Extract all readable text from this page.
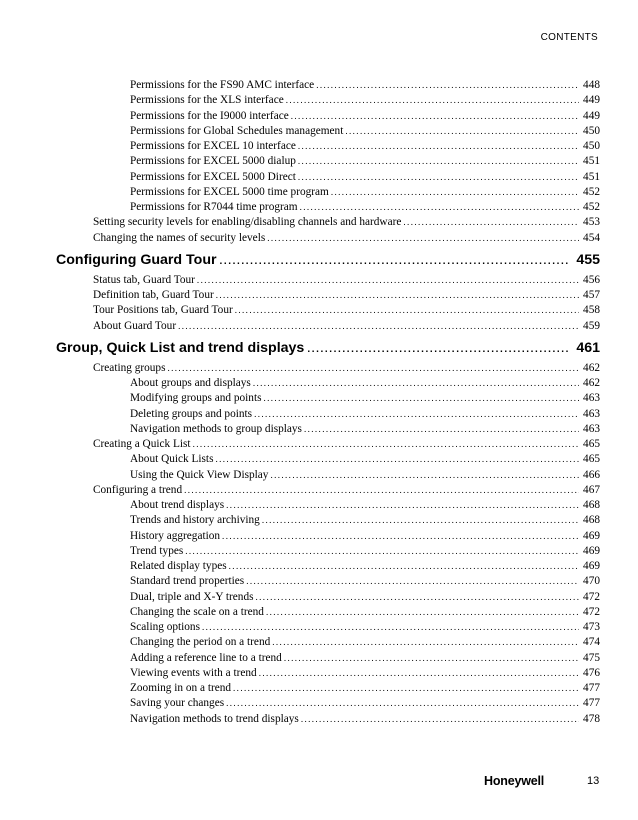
CONTENTS
Permissions for the FS90 AMC interface .....	448
Permissions for the XLS interface .....	449
Permissions for the I9000 interface .....	449
Permissions for Global Schedules management .....	450
Permissions for EXCEL 10 interface .....	450
Permissions for EXCEL 5000 dialup .....	451
Permissions for EXCEL 5000 Direct .....	451
Permissions for EXCEL 5000 time program .....	452
Permissions for R7044 time program .....	452
Setting security levels for enabling/disabling channels and hardware .....	453
Changing the names of security levels .....	454
Configuring Guard Tour .....	455
Status tab, Guard Tour .....	456
Definition tab, Guard Tour .....	457
Tour Positions tab, Guard Tour .....	458
About Guard Tour .....	459
Group, Quick List and trend displays .....	461
Creating groups .....	462
About groups and displays .....	462
Modifying groups and points .....	463
Deleting groups and points .....	463
Navigation methods to group displays .....	463
Creating a Quick List .....	465
About Quick Lists .....	465
Using the Quick View Display .....	466
Configuring a trend .....	467
About trend displays .....	468
Trends and history archiving .....	468
History aggregation .....	469
Trend types .....	469
Related display types .....	469
Standard trend properties .....	470
Dual, triple and X-Y trends .....	472
Changing the scale on a trend .....	472
Scaling options .....	473
Changing the period on a trend .....	474
Adding a reference line to a trend .....	475
Viewing events with a trend .....	476
Zooming in on a trend .....	477
Saving your changes .....	477
Navigation methods to trend displays .....	478
Honeywell	13
